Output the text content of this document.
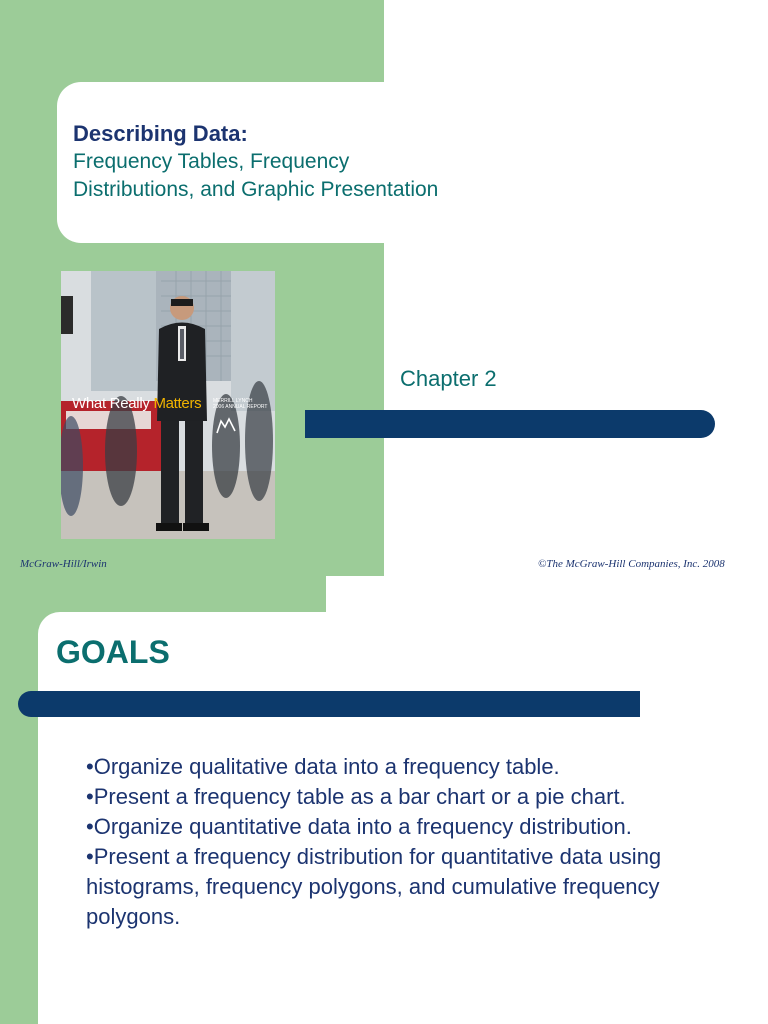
Describing Data:
Frequency Tables, Frequency
Distributions, and Graphic Presentation
What Really Matters MERRILL LYNCH
2006 ANNUAL REPORT
Chapter 2
McGraw-Hill/Irwin	©The McGraw-Hill Companies, Inc. 2008
GOALS
•Organize qualitative data into a frequency table.
•Present a frequency table as a bar chart or a pie chart.
•Organize quantitative data into a frequency distribution.
•Present a frequency distribution for quantitative data using histograms, frequency polygons, and cumulative frequency polygons.
